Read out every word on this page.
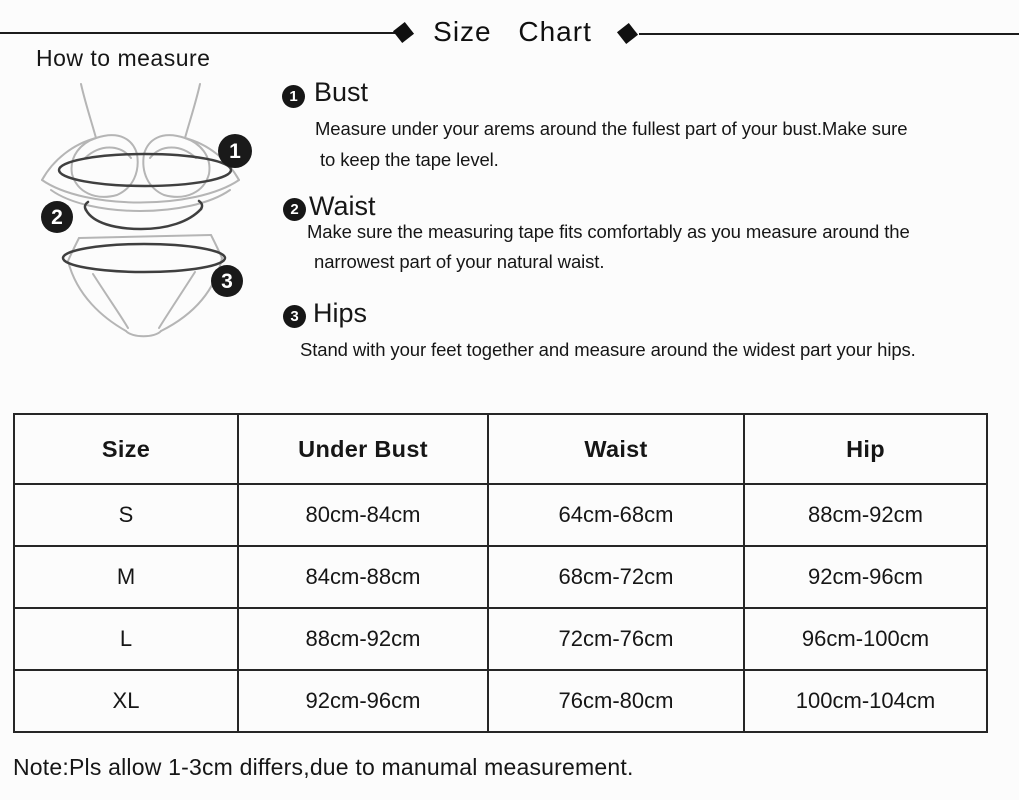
Size Chart
How to measure
1
2
3
1 Bust

Measure under your arems around the fullest part of your bust.Make sure

to keep the tape level.

2 Waist

Make sure the measuring tape fits comfortably as you measure around the

narrowest part of your natural waist.

3 Hips

Stand with your feet together and measure around the widest part your hips.

Size	Under Bust	Waist	Hip
S	80cm-84cm	64cm-68cm	88cm-92cm
M	84cm-88cm	68cm-72cm	92cm-96cm
L	88cm-92cm	72cm-76cm	96cm-100cm
XL	92cm-96cm	76cm-80cm	100cm-104cm

Note:Pls allow 1-3cm differs,due to manumal measurement.
